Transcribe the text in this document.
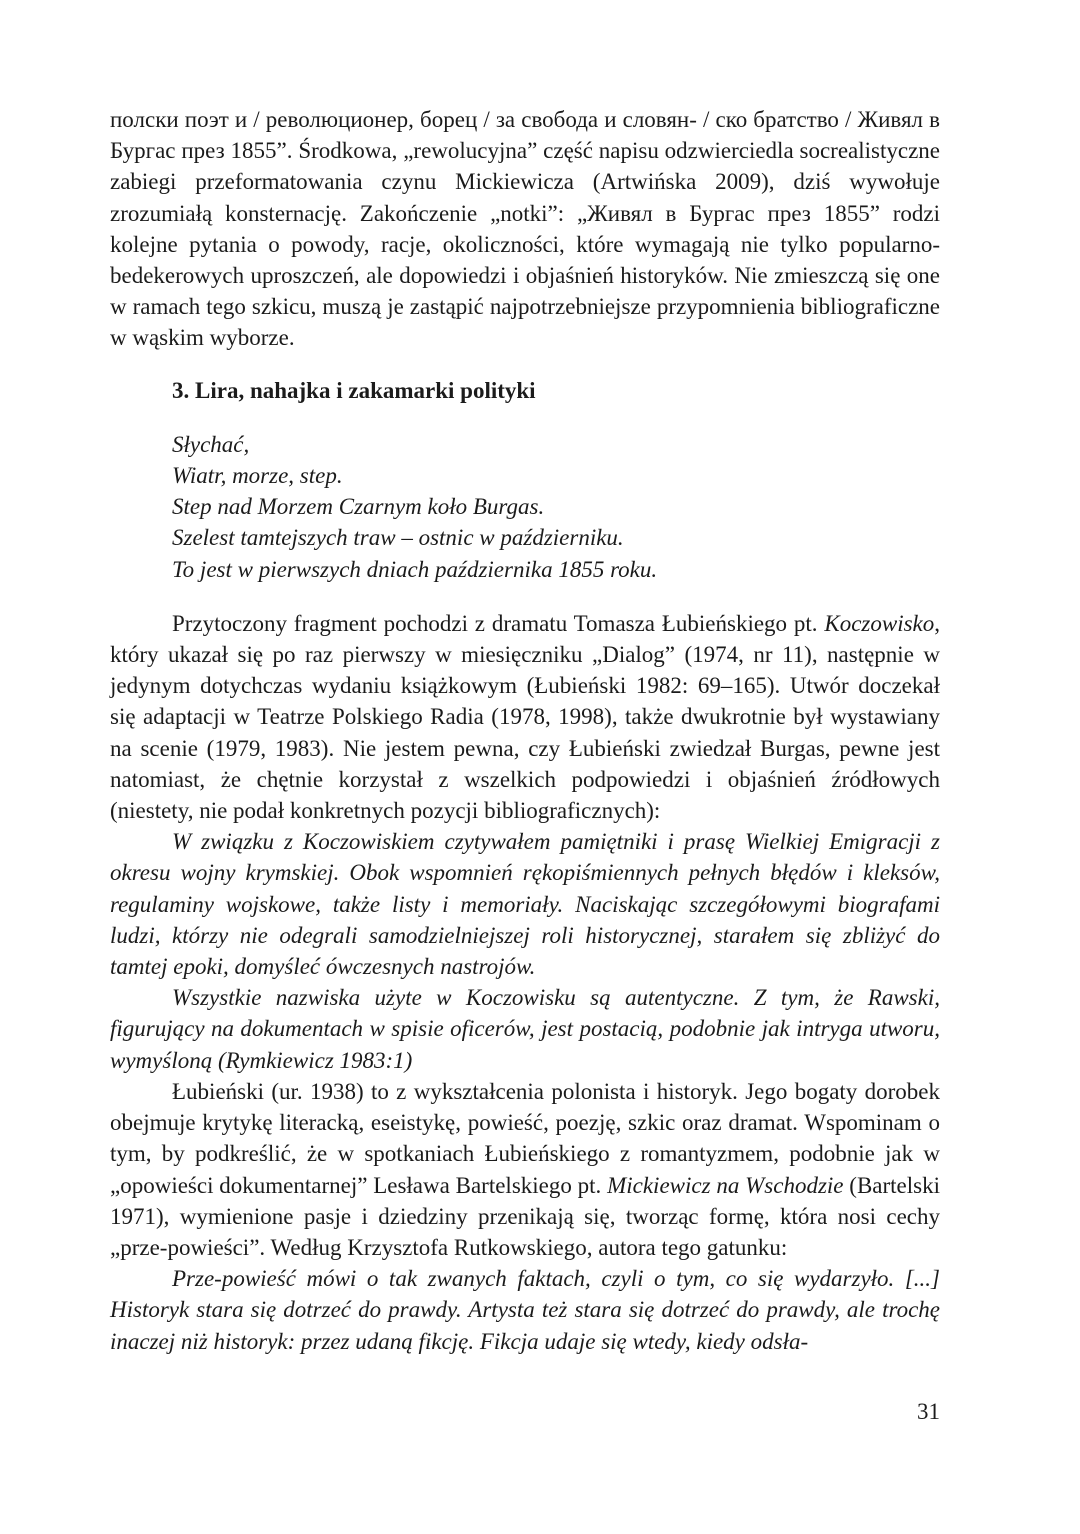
полски поэт и / революционер, борец / за свобода и словян- / ско братство / Живял в Бургас през 1855”. Środkowa, „rewolucyjna” część napisu odzwierciedla socrealistyczne zabiegi przeformatowania czynu Mickiewicza (Artwińska 2009), dziś wywołuje zrozumiałą konsternację. Zakończenie „notki”: „Живял в Бургас през 1855” rodzi kolejne pytania o powody, racje, okoliczności, które wymagają nie tylko popularno-bedekerowych uproszczeń, ale dopowiedzi i objaśnień historyków. Nie zmieszczą się one w ramach tego szkicu, muszą je zastąpić najpotrzebniejsze przypomnienia bibliograficzne w wąskim wyborze.

3. Lira, nahajka i zakamarki polityki
Słychać,
Wiatr, morze, step.
Step nad Morzem Czarnym koło Burgas.
Szelest tamtejszych traw – ostnic w październiku.
To jest w pierwszych dniach października 1855 roku.

Przytoczony fragment pochodzi z dramatu Tomasza Łubieńskiego pt. Koczowisko, który ukazał się po raz pierwszy w miesięczniku „Dialog” (1974, nr 11), następnie w jedynym dotychczas wydaniu książkowym (Łubieński 1982: 69–165). Utwór doczekał się adaptacji w Teatrze Polskiego Radia (1978, 1998), także dwukrotnie był wystawiany na scenie (1979, 1983). Nie jestem pewna, czy Łubieński zwiedzał Burgas, pewne jest natomiast, że chętnie korzystał z wszelkich podpowiedzi i objaśnień źródłowych (niestety, nie podał konkretnych pozycji bibliograficznych):

W związku z Koczowiskiem czytywałem pamiętniki i prasę Wielkiej Emigracji z okresu wojny krymskiej. Obok wspomnień rękopiśmiennych pełnych błędów i kleksów, regulaminy wojskowe, także listy i memoriały. Naciskając szczegółowymi biografami ludzi, którzy nie odegrali samodzielniejszej roli historycznej, starałem się zbliżyć do tamtej epoki, domyśleć ówczesnych nastrojów.

Wszystkie nazwiska użyte w Koczowisku są autentyczne. Z tym, że Rawski, figurujący na dokumentach w spisie oficerów, jest postacią, podobnie jak intryga utworu, wymyśloną (Rymkiewicz 1983:1)

Łubieński (ur. 1938) to z wykształcenia polonista i historyk. Jego bogaty dorobek obejmuje krytykę literacką, eseistykę, powieść, poezję, szkic oraz dramat. Wspominam o tym, by podkreślić, że w spotkaniach Łubieńskiego z romantyzmem, podobnie jak w „opowieści dokumentarnej” Lesława Bartelskiego pt. Mickiewicz na Wschodzie (Bartelski 1971), wymienione pasje i dziedziny przenikają się, tworząc formę, która nosi cechy „prze-powieści”. Według Krzysztofa Rutkowskiego, autora tego gatunku:

Prze-powieść mówi o tak zwanych faktach, czyli o tym, co się wydarzyło. [...] Historyk stara się dotrzeć do prawdy. Artysta też stara się dotrzeć do prawdy, ale trochę inaczej niż historyk: przez udaną fikcję. Fikcja udaje się wtedy, kiedy odsła-

31
